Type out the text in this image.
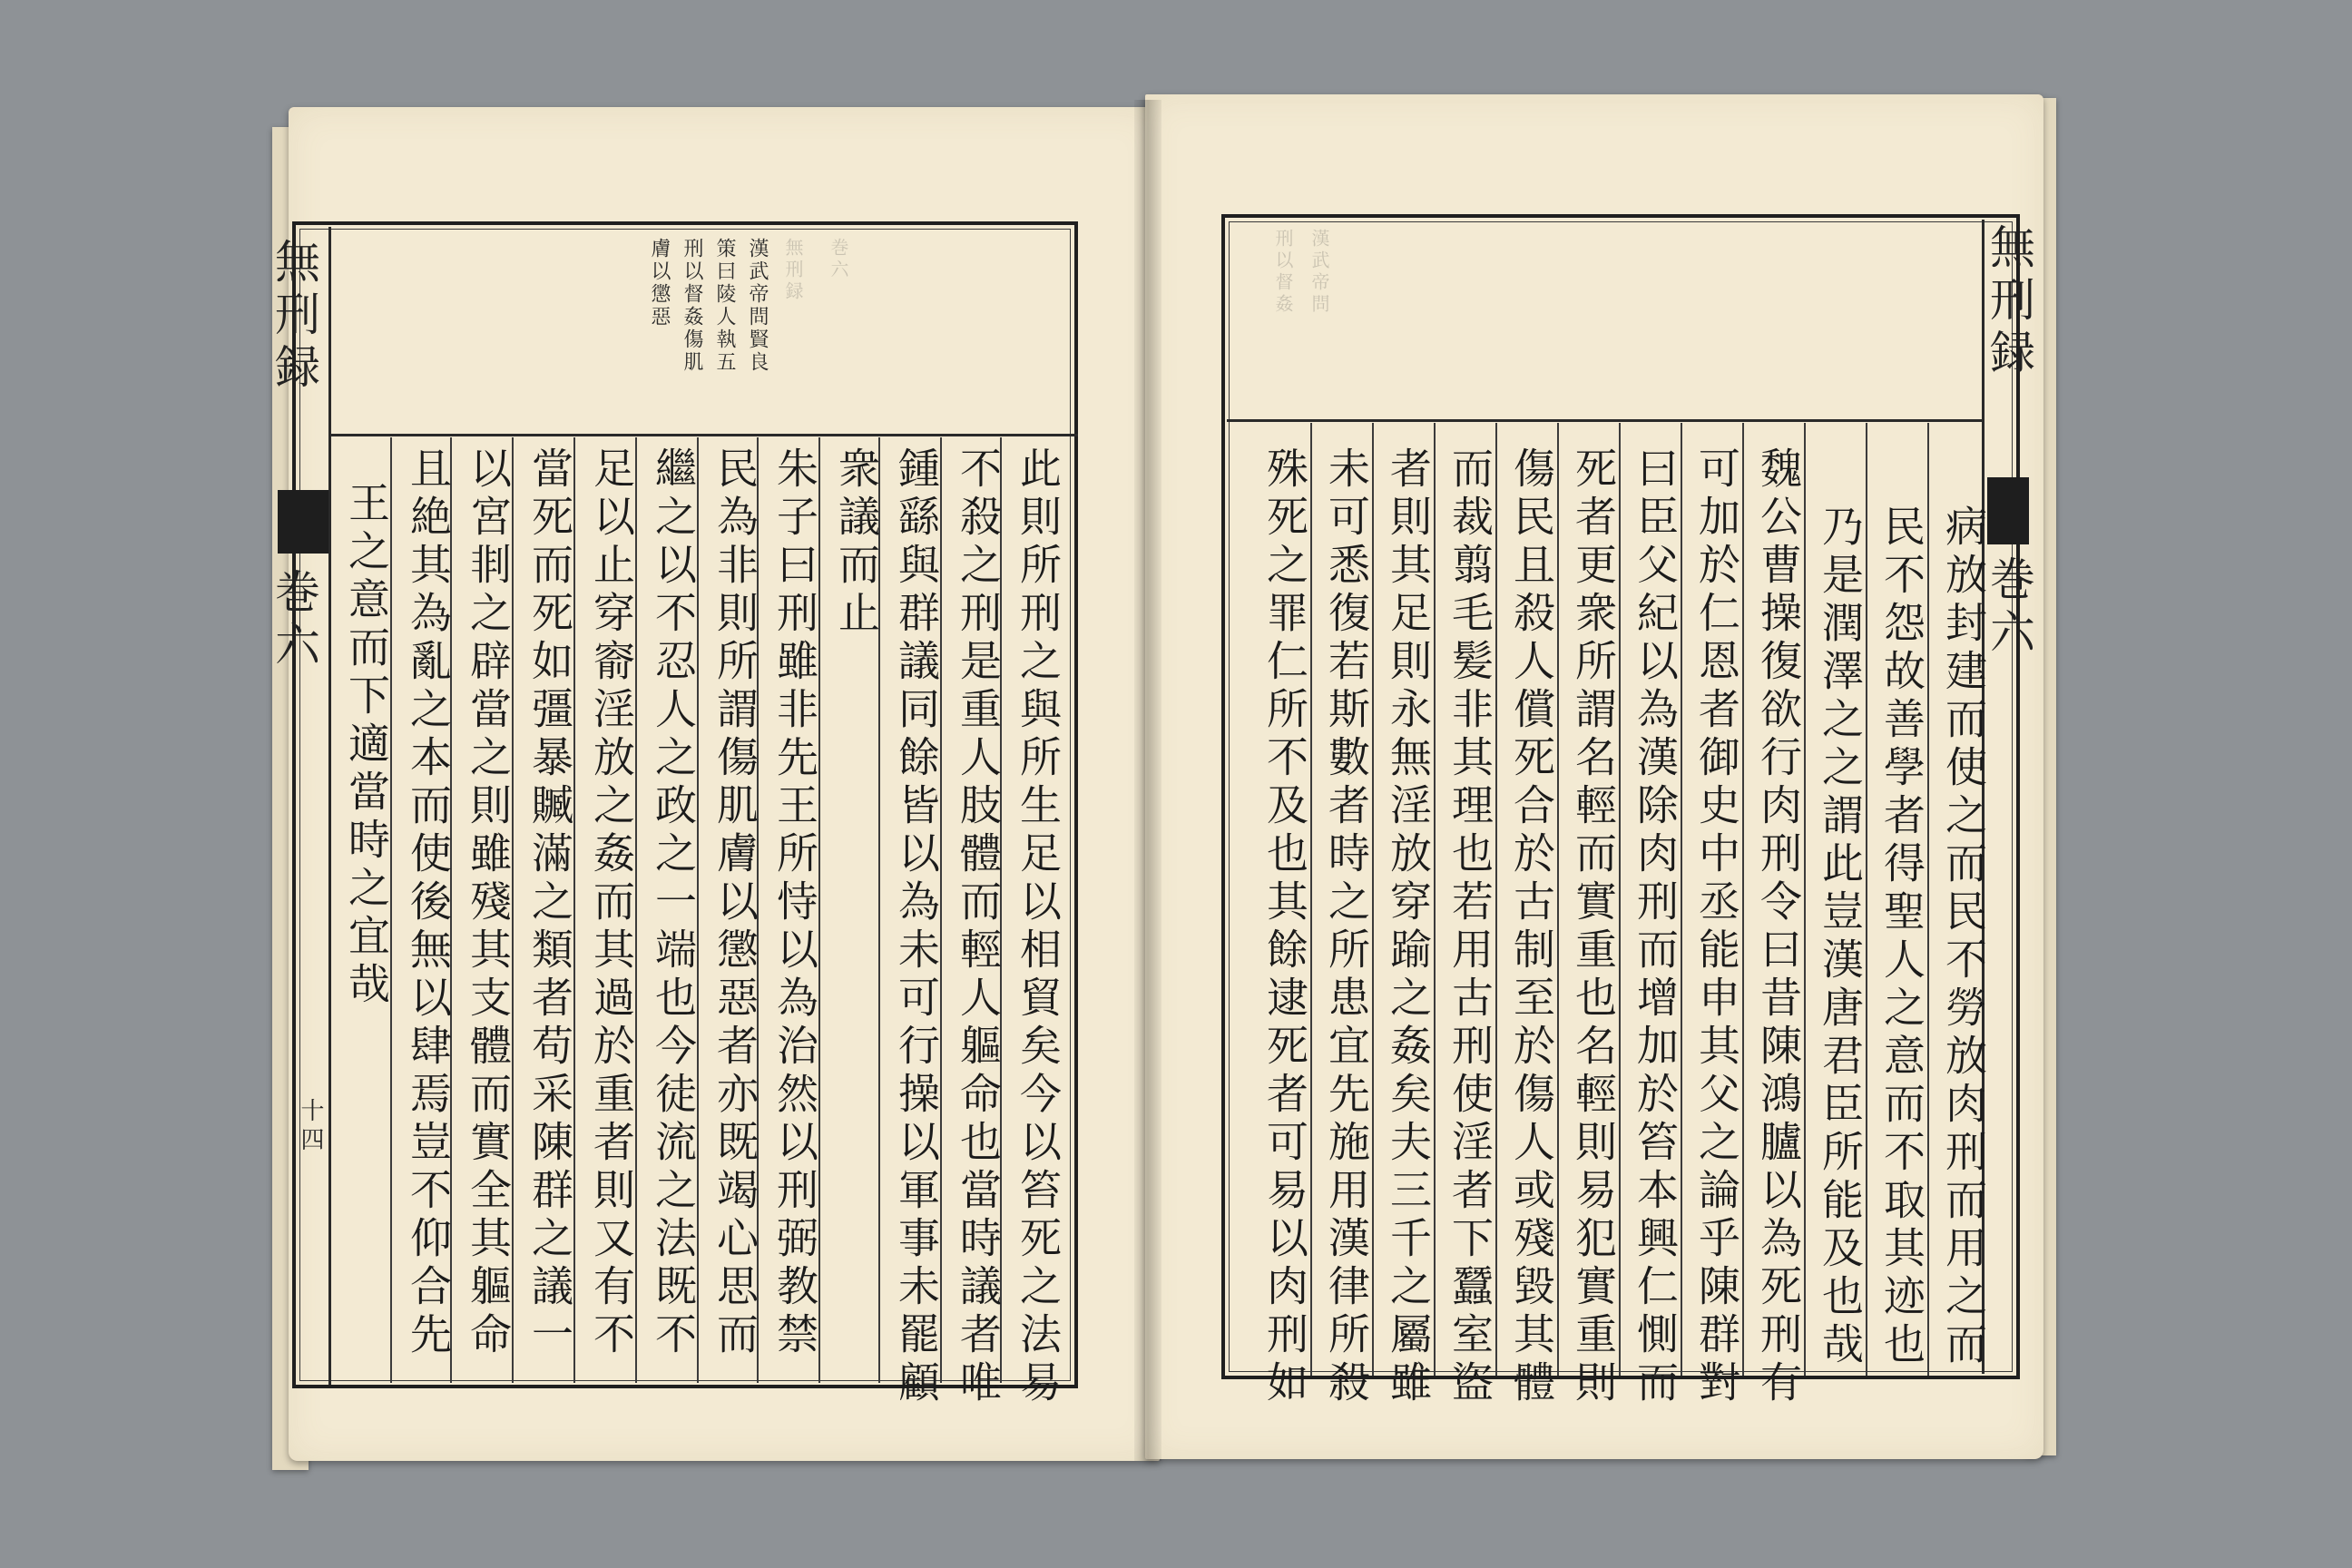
無刑録
巻六
十四
漢武帝問賢良
策曰陵人執五
刑以督姦傷肌
膚以懲惡	無刑録 巻六
此則所刑之與所生足以相貿矣今以笞死之法易
不殺之刑是重人肢體而輕人軀命也當時議者唯
鍾繇與群議同餘皆以為未可行操以軍事未罷顧
衆議而止
朱子曰刑雖非先王所恃以為治然以刑弼教禁
民為非則所謂傷肌膚以懲惡者亦既竭心思而
繼之以不忍人之政之一端也今徒流之法既不
足以止穿窬淫放之姦而其過於重者則又有不
當死而死如彊暴贓滿之類者苟采陳群之議一
以宮剕之辟當之則雖殘其支體而實全其軀命
且絶其為亂之本而使後無以肆焉豈不仰合先
王之意而下適當時之宜哉
無刑録
巻六
刑以督姦 漢武帝問
病放封建而使之而民不勞放肉刑而用之而
民不怨故善學者得聖人之意而不取其迹也
乃是潤澤之之謂此豈漢唐君臣所能及也哉
魏公曹操復欲行肉刑令曰昔陳鴻臚以為死刑有
可加於仁恩者御史中丞能申其父之論乎陳群對
曰臣父紀以為漢除肉刑而增加於笞本興仁惻而
死者更衆所謂名輕而實重也名輕則易犯實重則
傷民且殺人償死合於古制至於傷人或殘毀其體
而裁翦毛髪非其理也若用古刑使淫者下蠶室盜
者則其足則永無淫放穿踰之姦矣夫三千之屬雖
未可悉復若斯數者時之所患宜先施用漢律所殺
殊死之罪仁所不及也其餘逮死者可易以肉刑如
